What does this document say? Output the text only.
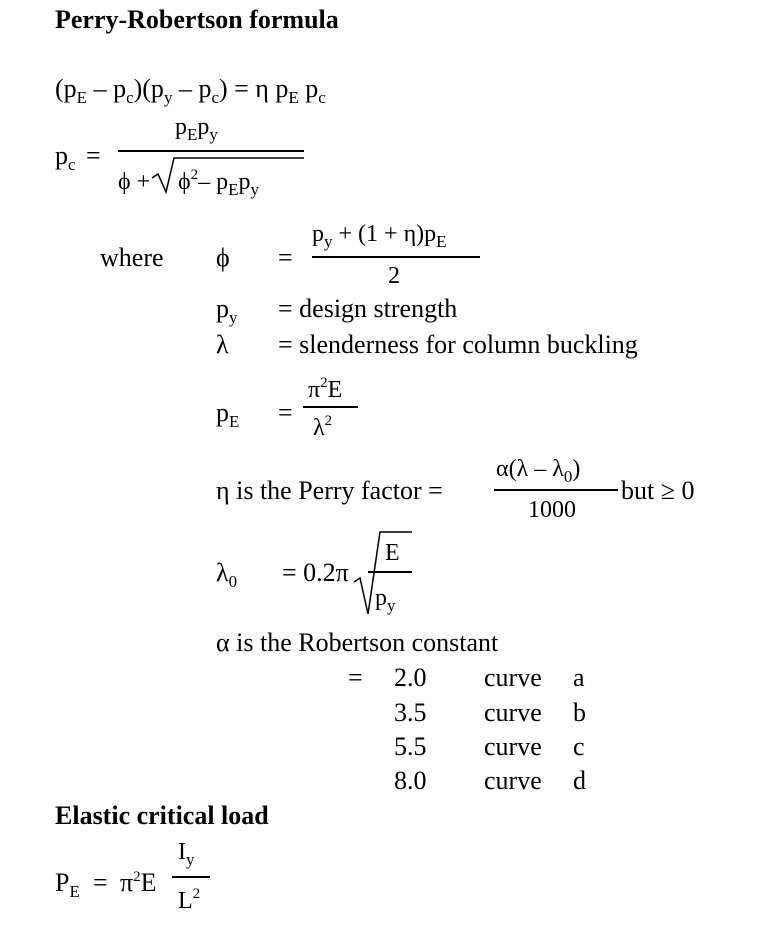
Perry-Robertson formula
$(p_E - p_c)(p_y - p_c) = \eta$ $p_E$ $p_c$
$p_c$ =
$p_Ep_y$
$\phi + \phi^2-$ $p_Ep_y$
where ϕ =
$p_y + (1 + \eta)p_E$
2
$p_y$ = design strength
λ = slenderness for column buckling
$p_E$ =
$\pi^2E$
$\lambda^2$
η is the Perry factor =
$\alpha(\lambda - \lambda_0)$
1000
but ≥ 0
$\lambda_0 = 0.2\pi$
E
$p_y$
α is the Robertson constant
= 2.0 curve a
3.5 curve b
5.5 curve c
8.0 curve d
Elastic critical load
$P_E = \pi^2E$
$I_y$
$L^2$
